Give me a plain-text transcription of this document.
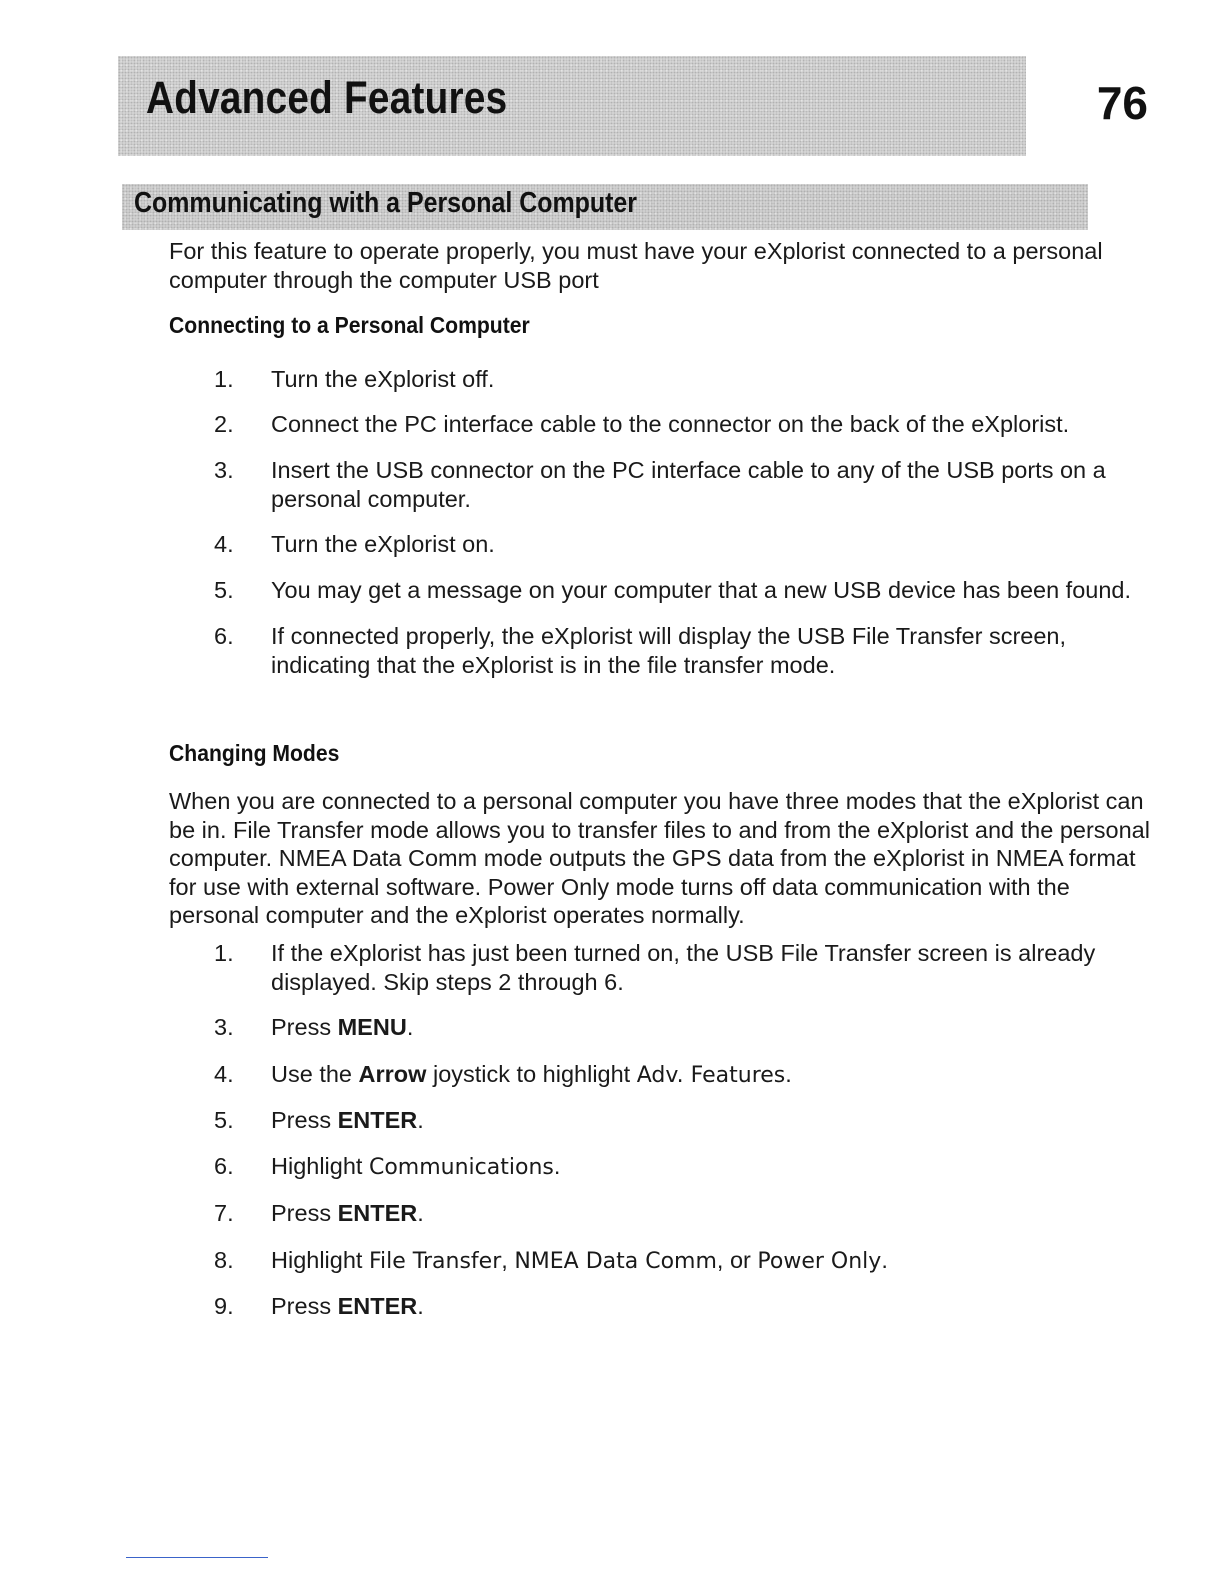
Advanced Features	76
Communicating with a Personal Computer

For this feature to operate properly, you must have your eXplorist connected to a personal computer through the computer USB port

Connecting to a Personal Computer
1. Turn the eXplorist off.
2. Connect the PC interface cable to the connector on the back of the eXplorist.
3. Insert the USB connector on the PC interface cable to any of the USB ports on a personal computer.
4. Turn the eXplorist on.
5. You may get a message on your computer that a new USB device has been found.
6. If connected properly, the eXplorist will display the USB File Transfer screen, indicating that the eXplorist is in the file transfer mode.
Changing Modes

When you are connected to a personal computer you have three modes that the eXplorist can be in. File Transfer mode allows you to transfer files to and from the eXplorist and the personal computer. NMEA Data Comm mode outputs the GPS data from the eXplorist in NMEA format for use with external software. Power Only mode turns off data communication with the personal computer and the eXplorist operates normally.

1. If the eXplorist has just been turned on, the USB File Transfer screen is already displayed. Skip steps 2 through 6.
3. Press MENU.
4. Use the Arrow joystick to highlight Adv. Features.
5. Press ENTER.
6. Highlight Communications.
7. Press ENTER.
8. Highlight File Transfer, NMEA Data Comm, or Power Only.
9. Press ENTER.
